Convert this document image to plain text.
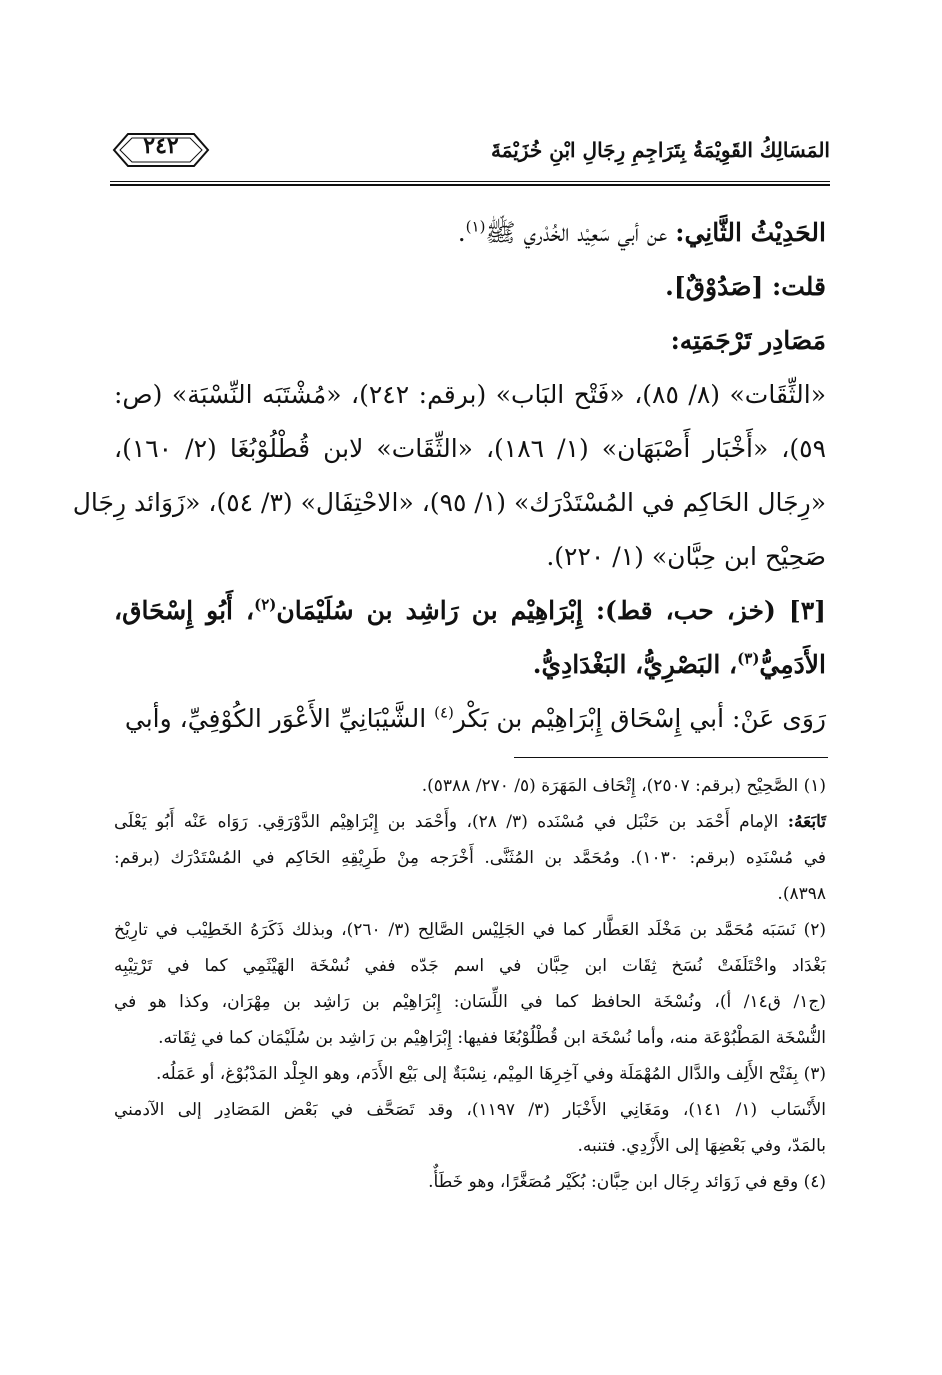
المَسَالِكُ القَوِيْمَةُ بِتَرَاجِمِ رِجَالِ ابْنِ خُزَيْمَةَ
٢٤٢
الحَدِيْثُ الثَّانِي: عن أبي سَعِيْد الخُدْري ﷺ$^{(١)}$.
قلت: [صَدُوْقٌ].
مَصَادِر تَرْجَمَتِه:
«الثِّقَات» (٨/ ٨٥)، «فَتْح البَاب» (برقم: ٢٤٢)، «مُشْتَبَه النِّسْبَة» (ص:
٥٩)، «أَخْبَار أَصْبَهَان» (١/ ١٨٦)، «الثِّقَات» لابن قُطْلُوْبُغَا (٢/ ١٦٠)،
«رِجَال الحَاكِم في المُسْتَدْرَك» (١/ ٩٥)، «الاحْتِفَال» (٣/ ٥٤)، «زَوَائد رِجَال
صَحِيْح ابن حِبَّان» (١/ ٢٢٠).
[٣] (خز، حب، قط): إِبْرَاهِيْم بن رَاشِد بن سُلَيْمَان$^{(٢)}$، أَبُو إِسْحَاق،
الأَدَمِيُّ$^{(٣)}$، البَصْرِيُّ، البَغْدَادِيُّ.
رَوَى عَنْ: أبي إِسْحَاق إِبْرَاهِيْم بن بَكْر$^{(٤)}$ الشَّيْبَانِيِّ الأَعْوَر الكُوْفِيِّ، وأبي
(١) الصَّحِيْح (برقم: ٢٥٠٧)، إِتْحَاف المَهَرَة (٥/ ٢٧٠/ ٥٣٨٨).
تَابَعَهُ: الإمام أَحْمَد بن حَنْبَل في مُسْنَده (٣/ ٢٨)، وأَحْمَد بن إِبْرَاهِيْم الدَّوْرَقِي. رَوَاه عَنْه أَبُو يَعْلَى
في مُسْنَدِه (برقم: ١٠٣٠). ومُحَمَّد بن المُثَنَّى. أَخْرَجه مِنْ طَرِيْقِهِ الحَاكِم في المُسْتَدْرَك (برقم:
٨٣٩٨).
(٢) نَسَبَه مُحَمَّد بن مَخْلَد العَطَّار كما في الجَلِيْس الصَّالِح (٣/ ٢٦٠)، وبذلك ذَكَرَهُ الخَطِيْب في تارِيْخ
بَغْدَاد واخْتَلَفَتْ نُسَخ ثِقَات ابن حِبَّان في اسم جَدّه ففي نُسْخَة الهَيْثَمِي كما في تَرْتِيْبِه
(ج١/ ق١٤/ أ)، ونُسْخَة الحافظ كما في اللِّسَان: إِبْرَاهِيْم بن رَاشِد بن مِهْرَان، وكذا هو في
النُّسْخَة المَطْبُوْعَة منه، وأما نُسْخَة ابن قُطْلُوْبُغَا ففيها: إِبْرَاهِيْم بن رَاشِد بن سُلَيْمَان كما في ثِقَاته.
(٣) بِفَتْح الأَلِف والدَّال المُهْمَلَة وفي آخِرِهَا المِيْم، نِسْبَةٌ إلى بَيْع الأَدَم، وهو الجِلْد المَدْبُوْغ، أو عَمَلُه.
الأَنْسَاب (١/ ١٤١)، ومَغَانِي الأَخْبَار (٣/ ١١٩٧)، وقد تَصَحَّف في بَعْض المَصَادِر إلى الآدمني
بالمَدّ، وفي بَعْضِهَا إلى الأَزْدِي. فتنبه.
(٤) وقع في زَوَائد رِجَال ابن حِبَّان: بُكَيْر مُصَغَّرًا، وهو خَطَأٌ.
